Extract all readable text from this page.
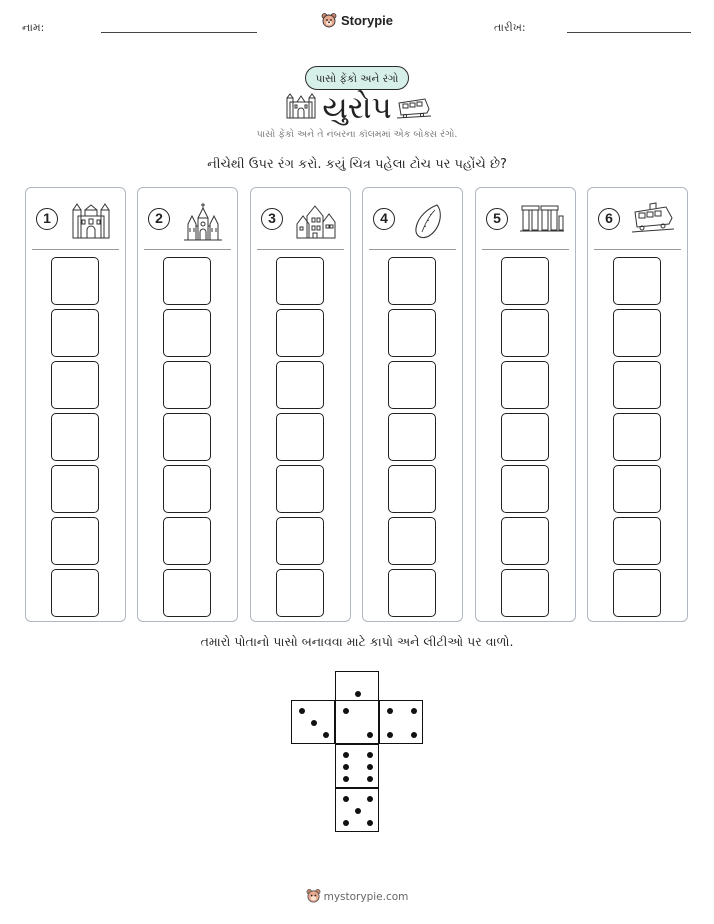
નામ:	Storypie	તારીખ:
પાસો ફેંકો અને રંગો
યુરોપ
પાસો ફેંકો અને તે નંબરના કૉલમમાં એક બોક્સ રંગો.
નીચેથી ઉપર રંગ કરો. કયું ચિત્ર પહેલા ટોચ પર પહોંચે છે?
1	2	3	4	5	6
તમારો પોતાનો પાસો બનાવવા માટે કાપો અને લીટીઓ પર વાળો.
mystorypie.com
